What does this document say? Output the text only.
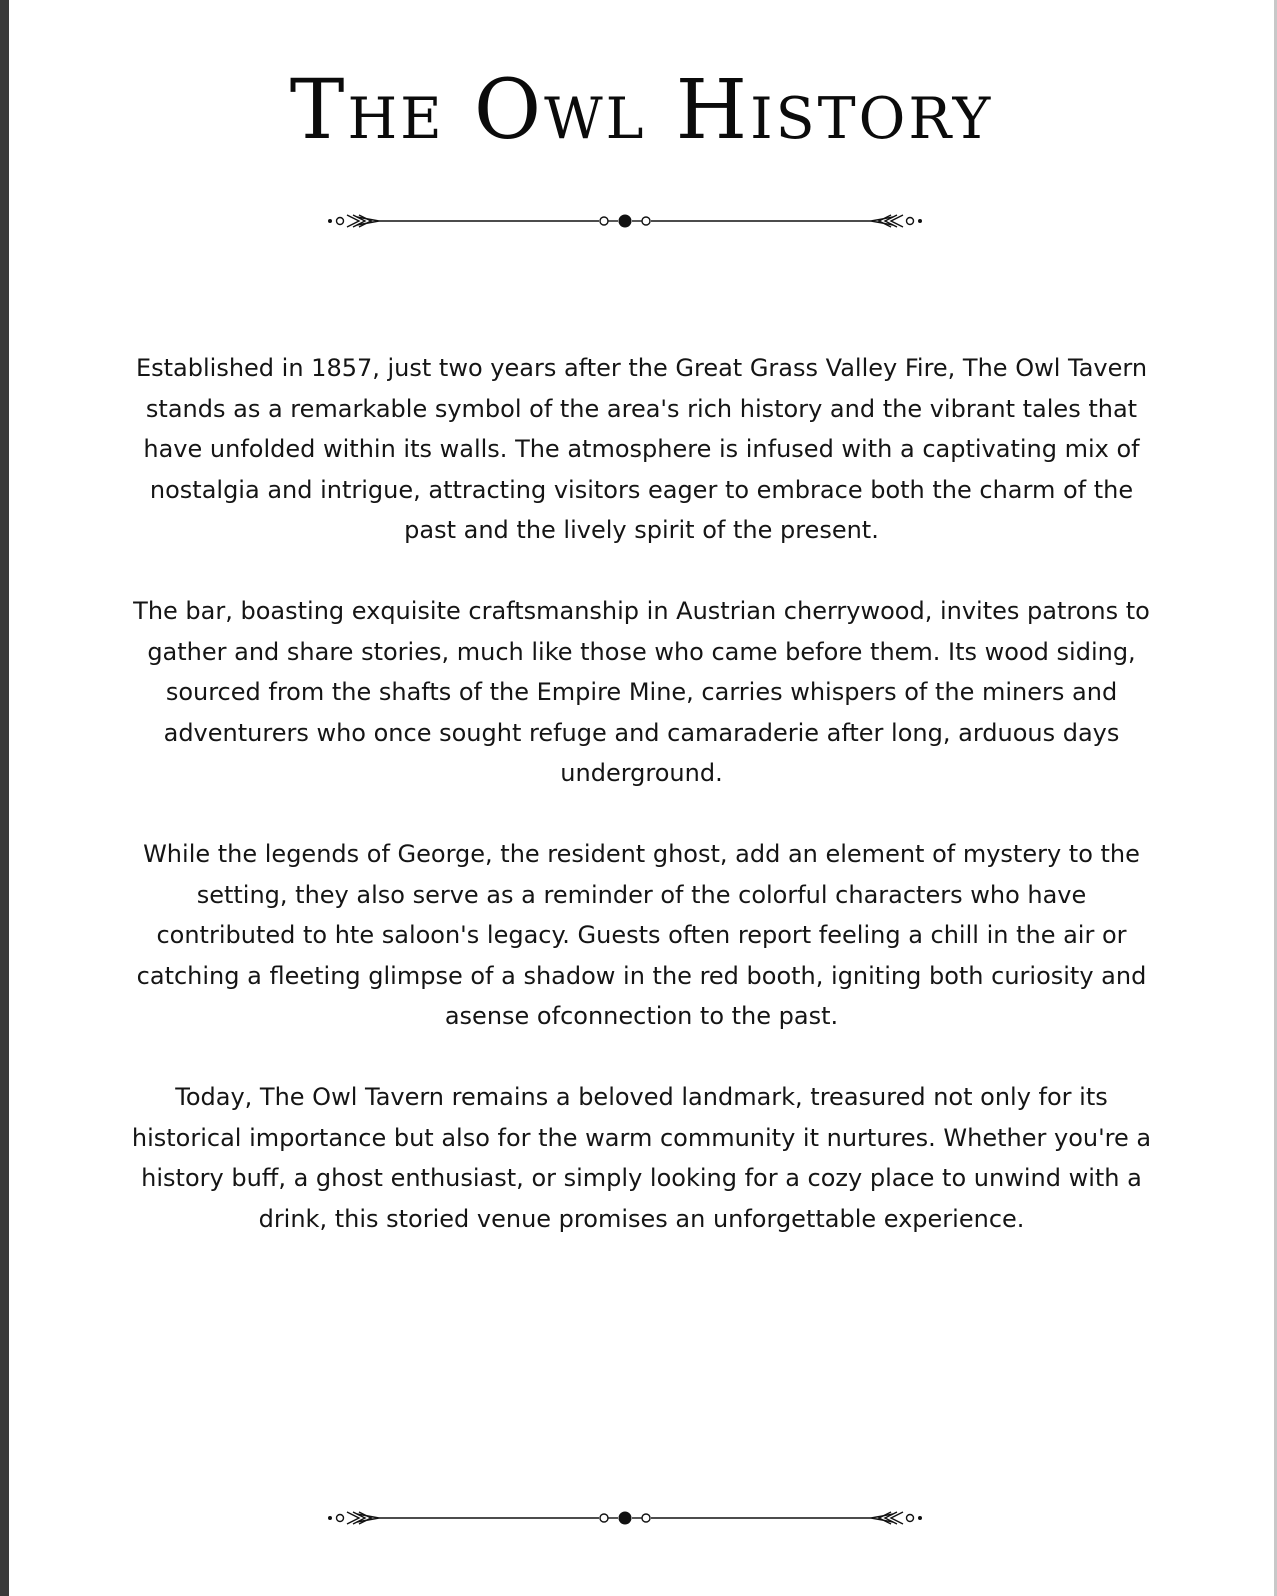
The Owl History

Established in 1857, just two years after the Great Grass Valley Fire, The Owl Tavern stands as a remarkable symbol of the area's rich history and the vibrant tales that have unfolded within its walls. The atmosphere is infused with a captivating mix of nostalgia and intrigue, attracting visitors eager to embrace both the charm of the past and the lively spirit of the present.

The bar, boasting exquisite craftsmanship in Austrian cherrywood, invites patrons to gather and share stories, much like those who came before them. Its wood siding, sourced from the shafts of the Empire Mine, carries whispers of the miners and adventurers who once sought refuge and camaraderie after long, arduous days underground.

While the legends of George, the resident ghost, add an element of mystery to the setting, they also serve as a reminder of the colorful characters who have contributed to hte saloon's legacy. Guests often report feeling a chill in the air or catching a fleeting glimpse of a shadow in the red booth, igniting both curiosity and asense ofconnection to the past.

Today, The Owl Tavern remains a beloved landmark, treasured not only for its historical importance but also for the warm community it nurtures. Whether you're a history buff, a ghost enthusiast, or simply looking for a cozy place to unwind with a drink, this storied venue promises an unforgettable experience.
